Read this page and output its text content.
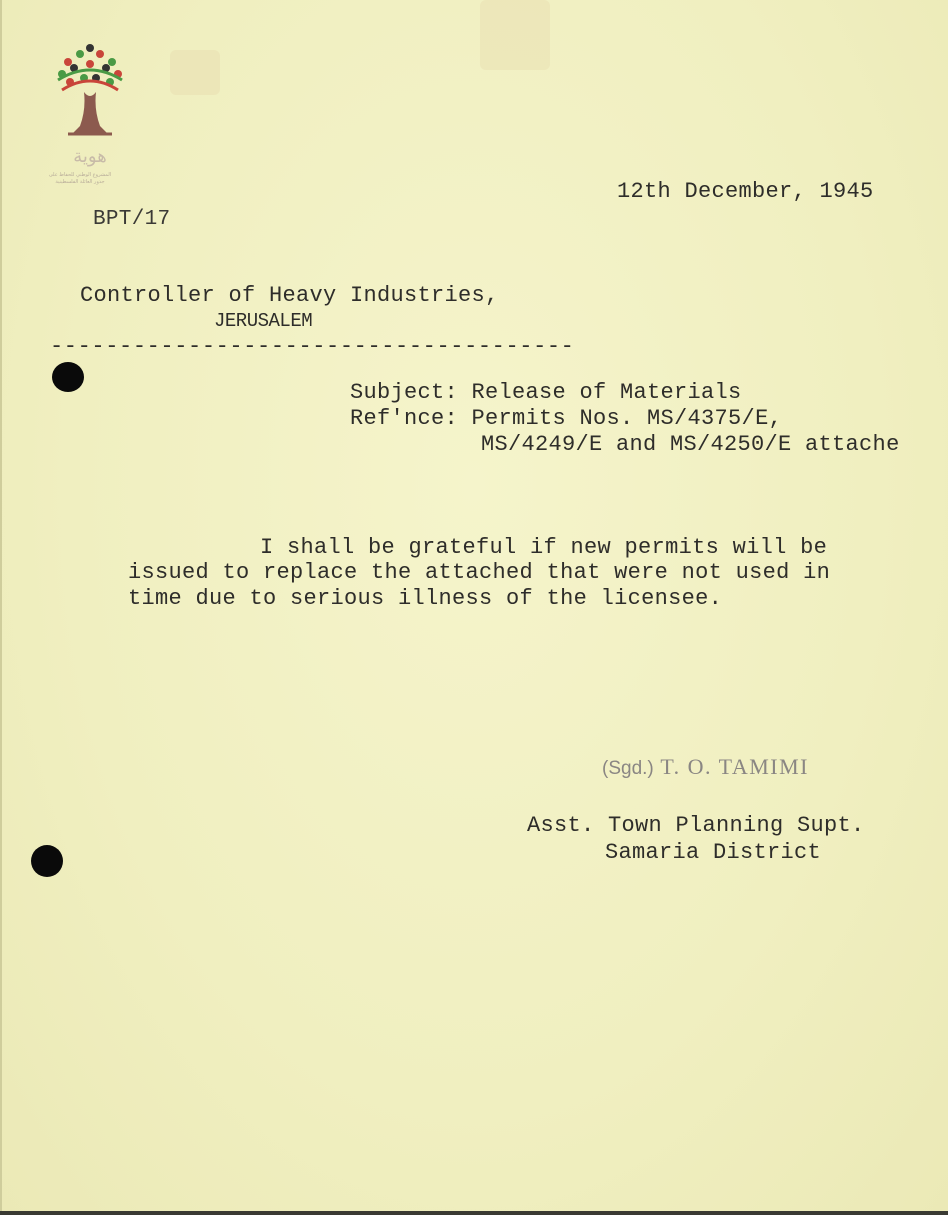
هوية
المشروع الوطني للحفاظ على
جذور العائلة الفلسطينية
BPT/17
12th December, 1945
Controller of Heavy Industries,
JERUSALEM
--------------------------------------
Subject: Release of Materials
Ref'nce: Permits Nos. MS/4375/E,
MS/4249/E and MS/4250/E attache
I shall be grateful if new permits will be
issued to replace the attached that were not used in
time due to serious illness of the licensee.
(Sgd.) T. O. TAMIMI
Asst. Town Planning Supt.
Samaria District
